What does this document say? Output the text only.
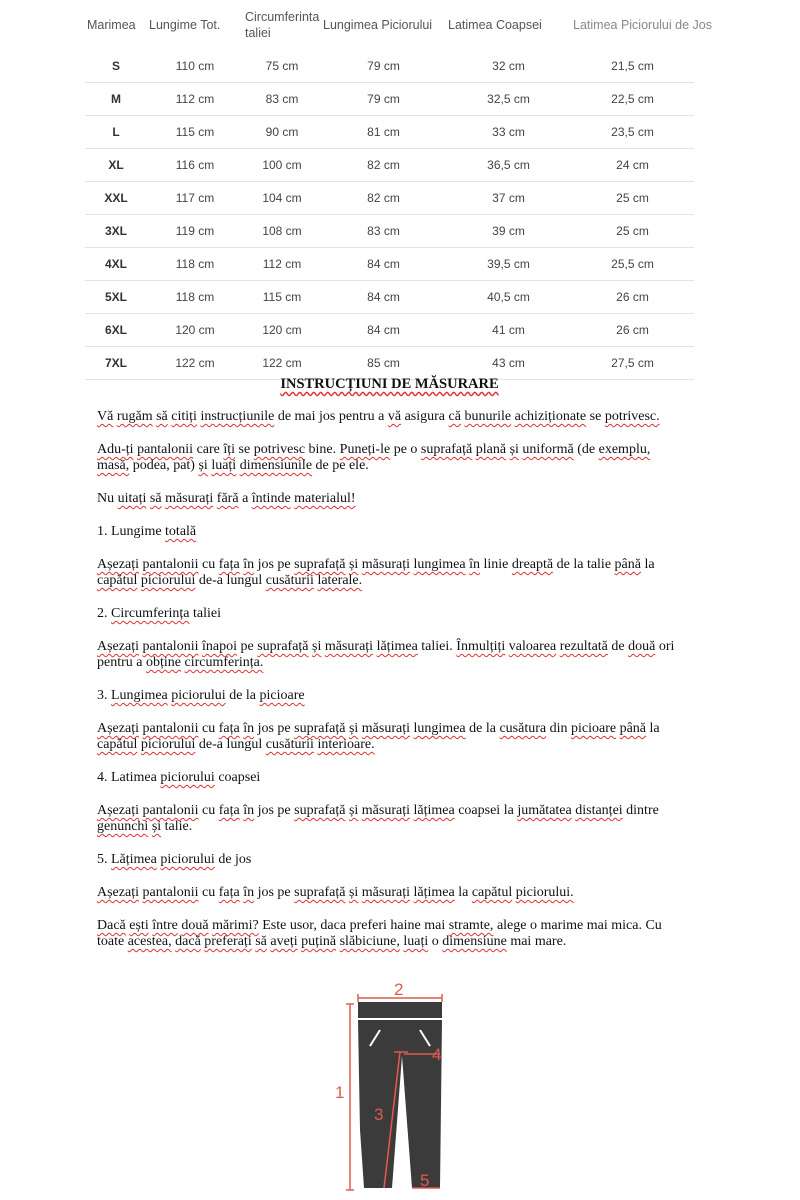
Marimea	Lungime Tot.	Circumferinta taliei	Lungimea Piciorului	Latimea Coapsei	Latimea Piciorului de Jos
S	110 cm	75 cm	79 cm	32 cm	21,5 cm
M	112 cm	83 cm	79 cm	32,5 cm	22,5 cm
L	115 cm	90 cm	81 cm	33 cm	23,5 cm
XL	116 cm	100 cm	82 cm	36,5 cm	24 cm
XXL	117 cm	104 cm	82 cm	37 cm	25 cm
3XL	119 cm	108 cm	83 cm	39 cm	25 cm
4XL	118 cm	112 cm	84 cm	39,5 cm	25,5 cm
5XL	118 cm	115 cm	84 cm	40,5 cm	26 cm
6XL	120 cm	120 cm	84 cm	41 cm	26 cm
7XL	122 cm	122 cm	85 cm	43 cm	27,5 cm
INSTRUCȚIUNI DE MĂSURARE

Vă rugăm să citiți instrucțiunile de mai jos pentru a vă asigura că bunurile achiziționate se potrivesc.

Adu-ți pantalonii care îți se potrivesc bine. Puneți-le pe o suprafață plană și uniformă (de exemplu, masă, podea, pat) și luați dimensiunile de pe ele.

Nu uitați să măsurați fără a întinde materialul!

1. Lungime totală

Așezați pantalonii cu fața în jos pe suprafață și măsurați lungimea în linie dreaptă de la talie până la capătul piciorului de-a lungul cusăturii laterale.

2. Circumferința taliei

Așezați pantalonii înapoi pe suprafață și măsurați lățimea taliei. Înmulțiți valoarea rezultată de două ori pentru a obține circumferința.

3. Lungimea piciorului de la picioare

Așezați pantalonii cu fața în jos pe suprafață și măsurați lungimea de la cusătura din picioare până la capătul piciorului de-a lungul cusăturii interioare.

4. Latimea piciorului coapsei

Așezați pantalonii cu fața în jos pe suprafață și măsurați lățimea coapsei la jumătatea distanței dintre genunchi și talie.

5. Lățimea piciorului de jos

Așezați pantalonii cu fața în jos pe suprafață și măsurați lățimea la capătul piciorului.

Dacă ești între două mărimi? Este usor, daca preferi haine mai stramte, alege o marime mai mica. Cu toate acestea, dacă preferați să aveți puțină slăbiciune, luați o dimensiune mai mare.

2
1
3
4
5
